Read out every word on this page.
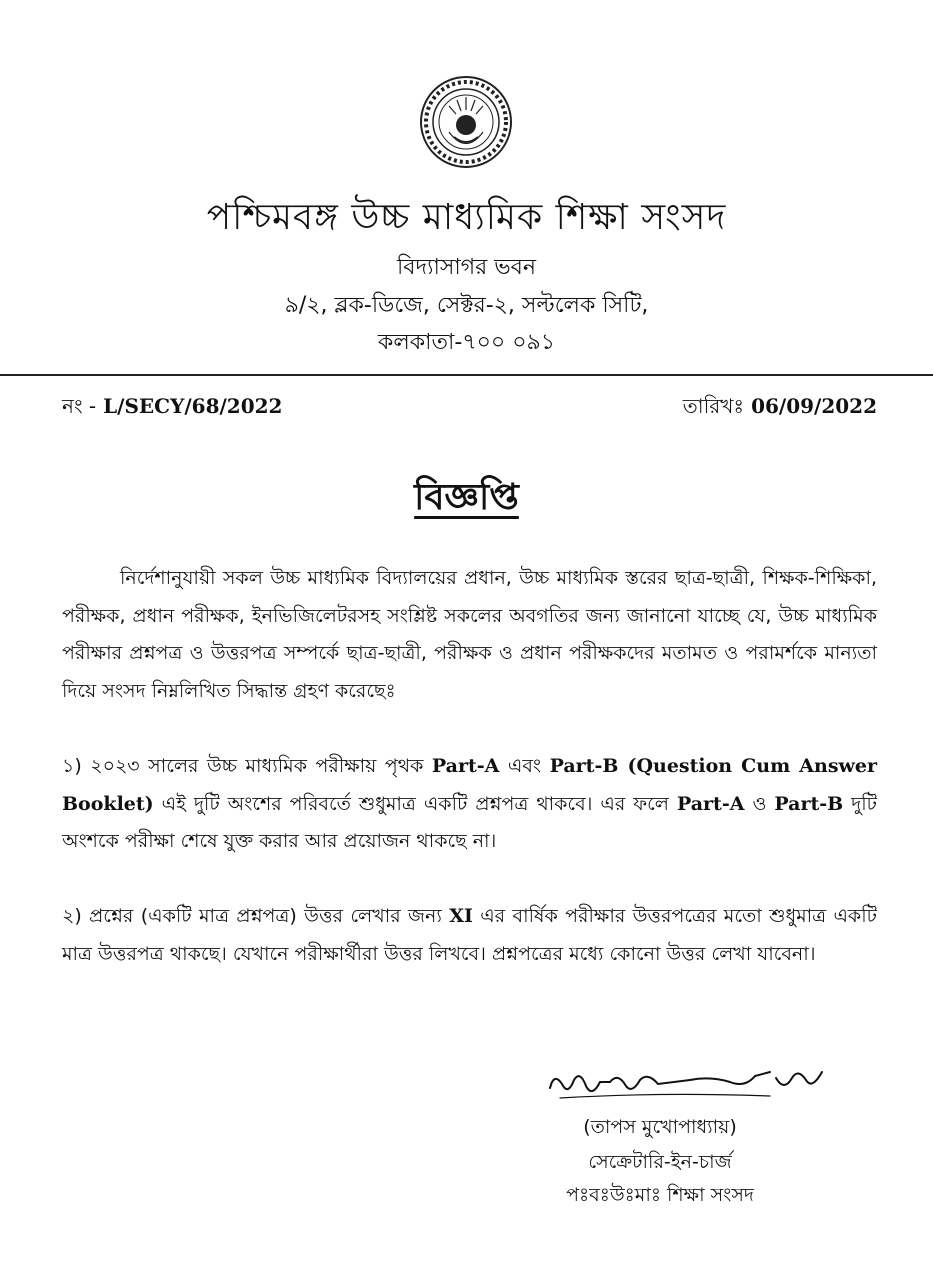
পশ্চিমবঙ্গ উচ্চ মাধ্যমিক শিক্ষা সংসদ
বিদ্যাসাগর ভবন
৯/২, ব্লক-ডিজে, সেক্টর-২, সল্টলেক সিটি,
কলকাতা-৭০০ ০৯১
নং - L/SECY/68/2022	তারিখঃ 06/09/2022
বিজ্ঞপ্তি

নির্দেশানুযায়ী সকল উচ্চ মাধ্যমিক বিদ্যালয়ের প্রধান, উচ্চ মাধ্যমিক স্তরের ছাত্র-ছাত্রী, শিক্ষক-শিক্ষিকা, পরীক্ষক, প্রধান পরীক্ষক, ইনভিজিলেটরসহ সংশ্লিষ্ট সকলের অবগতির জন্য জানানো যাচ্ছে যে, উচ্চ মাধ্যমিক পরীক্ষার প্রশ্নপত্র ও উত্তরপত্র সম্পর্কে ছাত্র-ছাত্রী, পরীক্ষক ও প্রধান পরীক্ষকদের মতামত ও পরামর্শকে মান্যতা দিয়ে সংসদ নিম্নলিখিত সিদ্ধান্ত গ্রহণ করেছেঃ

১) ২০২৩ সালের উচ্চ মাধ্যমিক পরীক্ষায় পৃথক Part-A এবং Part-B (Question Cum Answer Booklet) এই দুটি অংশের পরিবর্তে শুধুমাত্র একটি প্রশ্নপত্র থাকবে। এর ফলে Part-A ও Part-B দুটি অংশকে পরীক্ষা শেষে যুক্ত করার আর প্রয়োজন থাকছে না।

২) প্রশ্নের (একটি মাত্র প্রশ্নপত্র) উত্তর লেখার জন্য XI এর বার্ষিক পরীক্ষার উত্তরপত্রের মতো শুধুমাত্র একটি মাত্র উত্তরপত্র থাকছে। যেখানে পরীক্ষার্থীরা উত্তর লিখবে। প্রশ্নপত্রের মধ্যে কোনো উত্তর লেখা যাবেনা।

(তাপস মুখোপাধ্যায়)
সেক্রেটারি-ইন-চার্জ
পঃবঃউঃমাঃ শিক্ষা সংসদ
